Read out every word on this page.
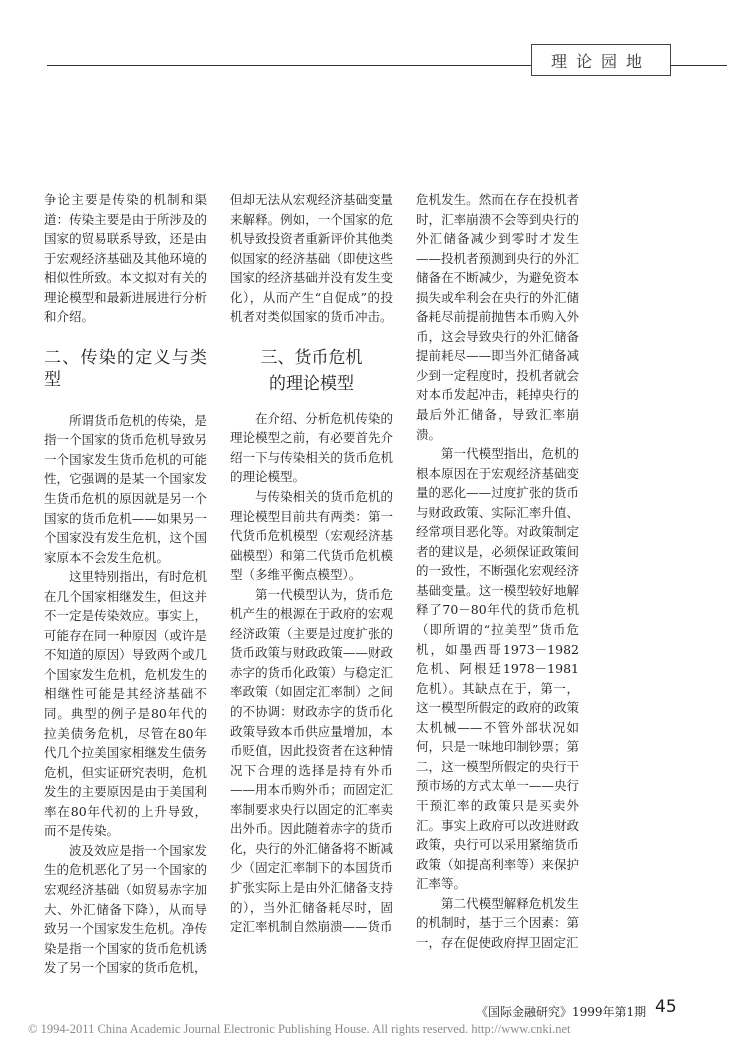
理论园地

争论主要是传染的机制和渠道：传染主要是由于所涉及的国家的贸易联系导致，还是由于宏观经济基础及其他环境的相似性所致。本文拟对有关的理论模型和最新进展进行分析和介绍。

二、传染的定义与类型

所谓货币危机的传染，是指一个国家的货币危机导致另一个国家发生货币危机的可能性，它强调的是某一个国家发生货币危机的原因就是另一个国家的货币危机——如果另一个国家没有发生危机，这个国家原本不会发生危机。

这里特别指出，有时危机在几个国家相继发生，但这并不一定是传染效应。事实上，可能存在同一种原因（或许是不知道的原因）导致两个或几个国家发生危机，危机发生的相继性可能是其经济基础不同。典型的例子是80年代的拉美债务危机，尽管在80年代几个拉美国家相继发生债务危机，但实证研究表明，危机发生的主要原因是由于美国利率在80年代初的上升导致，而不是传染。

波及效应是指一个国家发生的危机恶化了另一个国家的宏观经济基础（如贸易赤字加大、外汇储备下降），从而导致另一个国家发生危机。净传染是指一个国家的货币危机诱发了另一个国家的货币危机，

但却无法从宏观经济基础变量来解释。例如，一个国家的危机导致投资者重新评价其他类似国家的经济基础（即使这些国家的经济基础并没有发生变化），从而产生“自促成”的投机者对类似国家的货币冲击。

三、货币危机
的理论模型

在介绍、分析危机传染的理论模型之前，有必要首先介绍一下与传染相关的货币危机的理论模型。

与传染相关的货币危机的理论模型目前共有两类：第一代货币危机模型（宏观经济基础模型）和第二代货币危机模型（多维平衡点模型）。

第一代模型认为，货币危机产生的根源在于政府的宏观经济政策（主要是过度扩张的货币政策与财政政策——财政赤字的货币化政策）与稳定汇率政策（如固定汇率制）之间的不协调：财政赤字的货币化政策导致本币供应量增加，本币贬值，因此投资者在这种情况下合理的选择是持有外币——用本币购外币；而固定汇率制要求央行以固定的汇率卖出外币。因此随着赤字的货币化，央行的外汇储备将不断减少（固定汇率制下的本国货币扩张实际上是由外汇储备支持的），当外汇储备耗尽时，固定汇率机制自然崩溃——货币

危机发生。然而在存在投机者时，汇率崩溃不会等到央行的外汇储备减少到零时才发生——投机者预测到央行的外汇储备在不断减少，为避免资本损失或牟利会在央行的外汇储备耗尽前提前抛售本币购入外币，这会导致央行的外汇储备提前耗尽——即当外汇储备减少到一定程度时，投机者就会对本币发起冲击，耗掉央行的最后外汇储备，导致汇率崩溃。

第一代模型指出，危机的根本原因在于宏观经济基础变量的恶化——过度扩张的货币与财政政策、实际汇率升值、经常项目恶化等。对政策制定者的建议是，必须保证政策间的一致性，不断强化宏观经济基础变量。这一模型较好地解释了70－80年代的货币危机（即所谓的“拉美型”货币危机，如墨西哥1973－1982危机、阿根廷1978－1981危机）。其缺点在于，第一，这一模型所假定的政府的政策太机械——不管外部状况如何，只是一味地印制钞票；第二，这一模型所假定的央行干预市场的方式太单一——央行干预汇率的政策只是买卖外汇。事实上政府可以改进财政政策，央行可以采用紧缩货币政策（如提高利率等）来保护汇率等。

第二代模型解释危机发生的机制时，基于三个因素：第一，存在促使政府捍卫固定汇

《国际金融研究》1999年第1期 45
© 1994-2011 China Academic Journal Electronic Publishing House. All rights reserved. http://www.cnki.net
